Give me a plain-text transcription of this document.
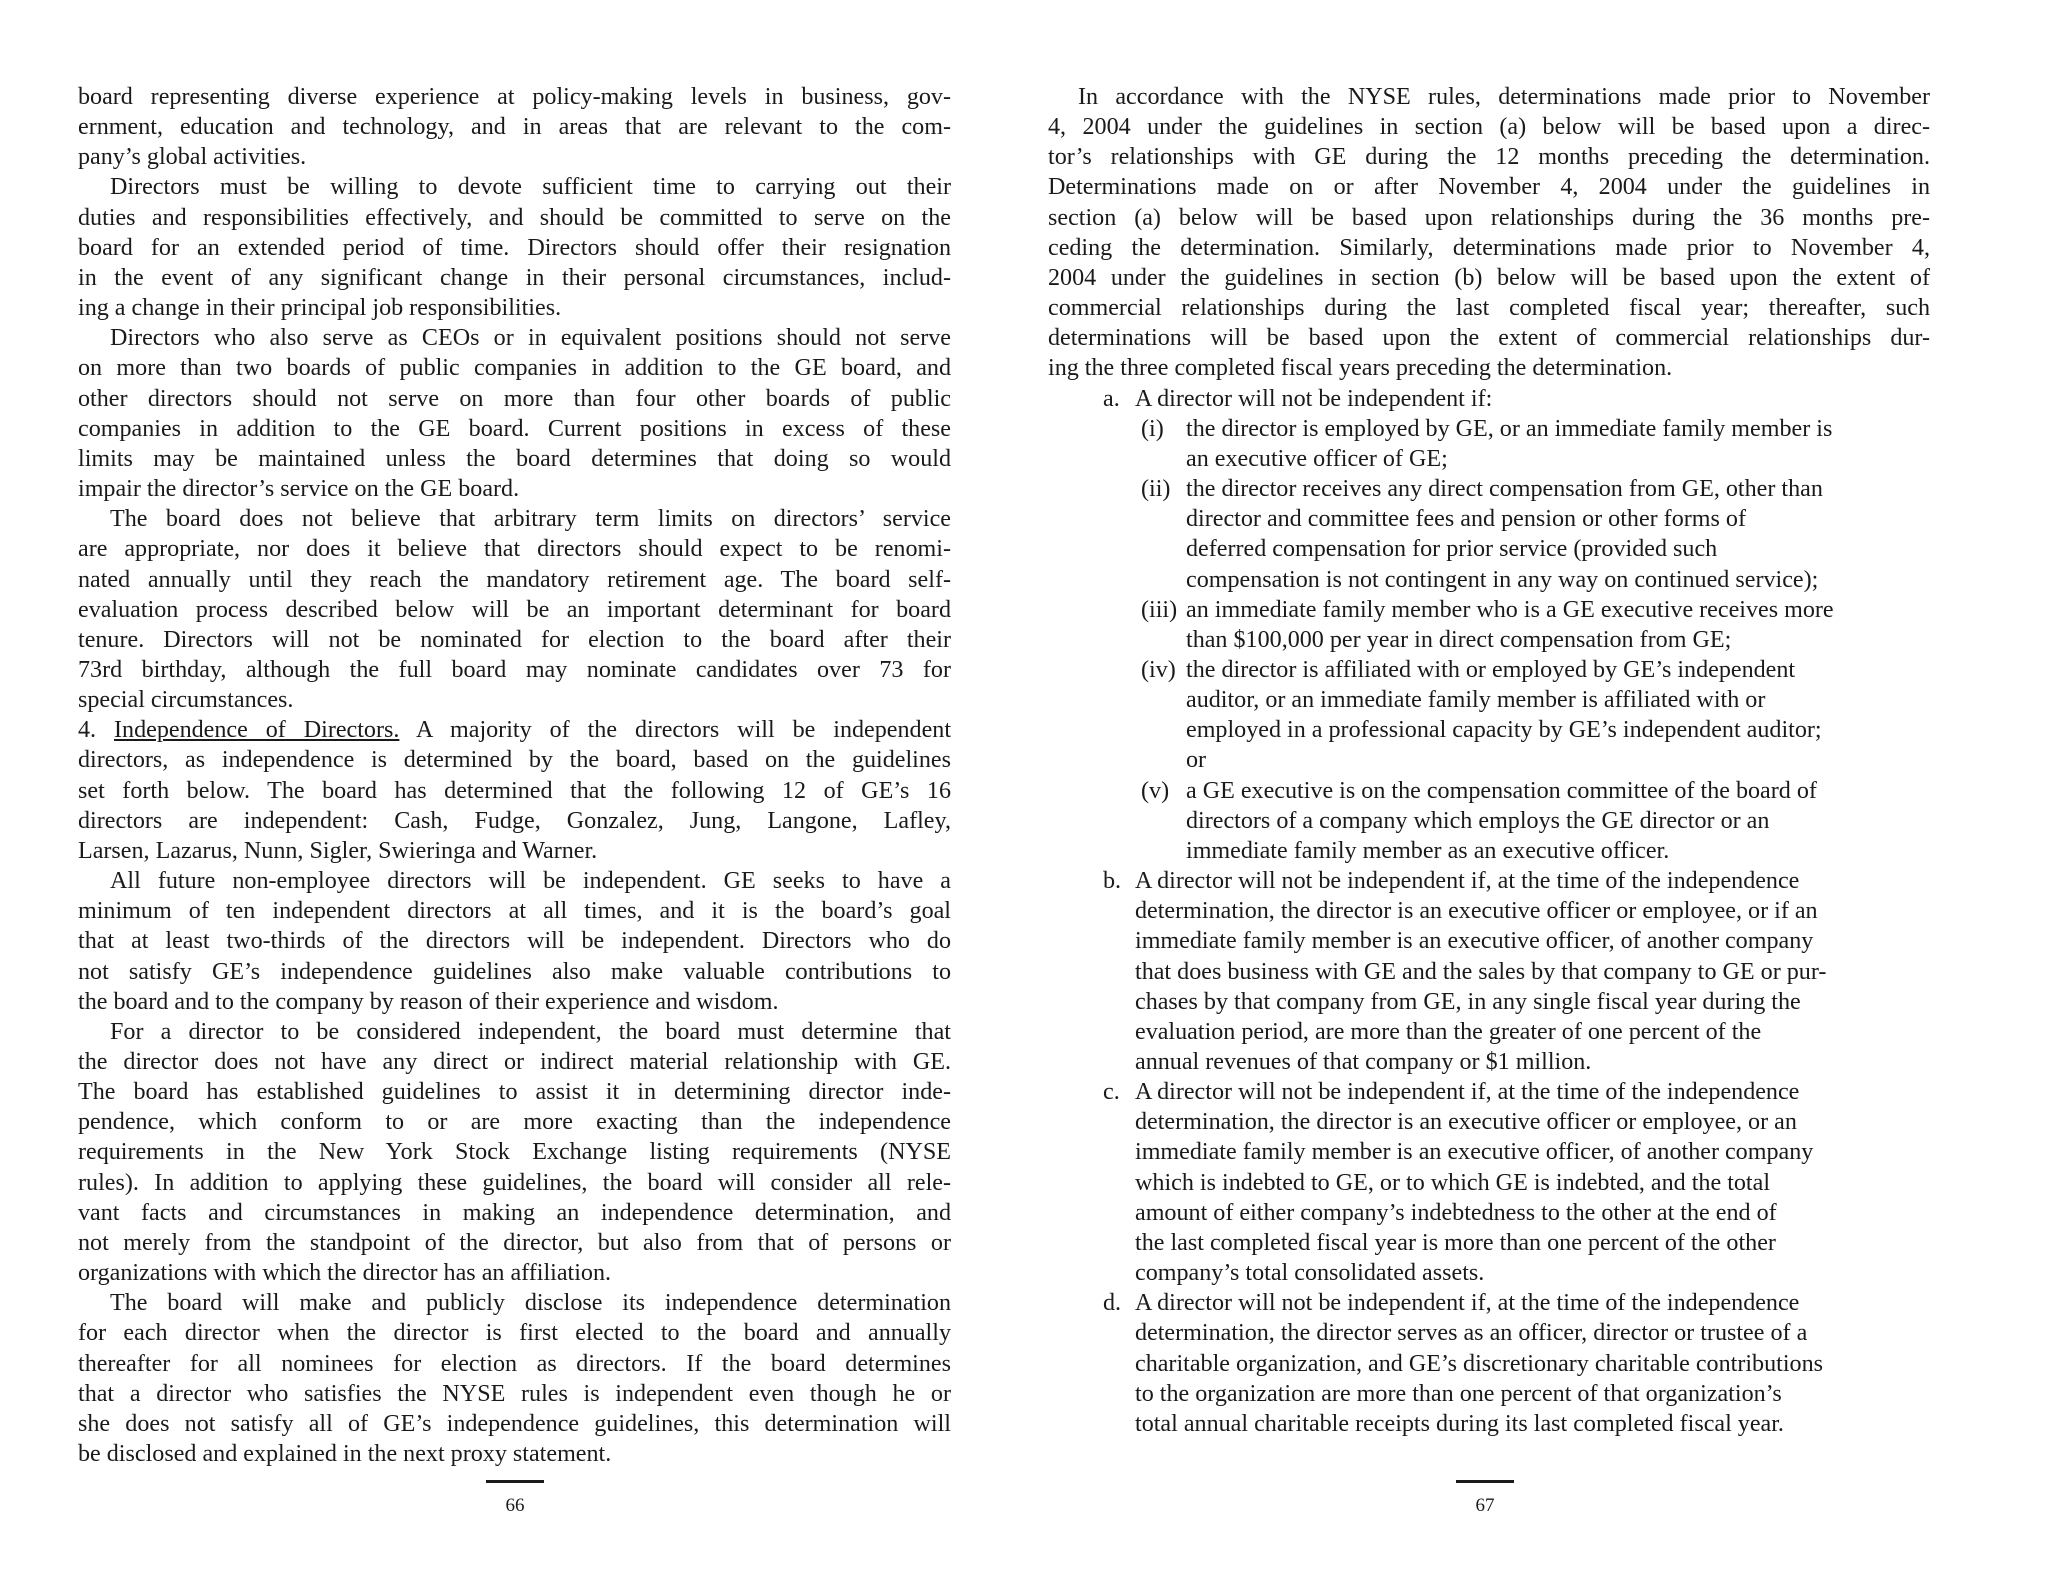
board representing diverse experience at policy-making levels in business, gov-
ernment, education and technology, and in areas that are relevant to the com-
pany’s global activities.

Directors must be willing to devote sufficient time to carrying out their
duties and responsibilities effectively, and should be committed to serve on the
board for an extended period of time. Directors should offer their resignation
in the event of any significant change in their personal circumstances, includ-
ing a change in their principal job responsibilities.

Directors who also serve as CEOs or in equivalent positions should not serve
on more than two boards of public companies in addition to the GE board, and
other directors should not serve on more than four other boards of public
companies in addition to the GE board. Current positions in excess of these
limits may be maintained unless the board determines that doing so would
impair the director’s service on the GE board.

The board does not believe that arbitrary term limits on directors’ service
are appropriate, nor does it believe that directors should expect to be renomi-
nated annually until they reach the mandatory retirement age. The board self-
evaluation process described below will be an important determinant for board
tenure. Directors will not be nominated for election to the board after their
73rd birthday, although the full board may nominate candidates over 73 for
special circumstances.

4. Independence of Directors. A majority of the directors will be independent
directors, as independence is determined by the board, based on the guidelines
set forth below. The board has determined that the following 12 of GE’s 16
directors are independent: Cash, Fudge, Gonzalez, Jung, Langone, Lafley,
Larsen, Lazarus, Nunn, Sigler, Swieringa and Warner.

All future non-employee directors will be independent. GE seeks to have a
minimum of ten independent directors at all times, and it is the board’s goal
that at least two-thirds of the directors will be independent. Directors who do
not satisfy GE’s independence guidelines also make valuable contributions to
the board and to the company by reason of their experience and wisdom.

For a director to be considered independent, the board must determine that
the director does not have any direct or indirect material relationship with GE.
The board has established guidelines to assist it in determining director inde-
pendence, which conform to or are more exacting than the independence
requirements in the New York Stock Exchange listing requirements (NYSE
rules). In addition to applying these guidelines, the board will consider all rele-
vant facts and circumstances in making an independence determination, and
not merely from the standpoint of the director, but also from that of persons or
organizations with which the director has an affiliation.

The board will make and publicly disclose its independence determination
for each director when the director is first elected to the board and annually
thereafter for all nominees for election as directors. If the board determines
that a director who satisfies the NYSE rules is independent even though he or
she does not satisfy all of GE’s independence guidelines, this determination will
be disclosed and explained in the next proxy statement.

66

In accordance with the NYSE rules, determinations made prior to November
4, 2004 under the guidelines in section (a) below will be based upon a direc-
tor’s relationships with GE during the 12 months preceding the determination.
Determinations made on or after November 4, 2004 under the guidelines in
section (a) below will be based upon relationships during the 36 months pre-
ceding the determination. Similarly, determinations made prior to November 4,
2004 under the guidelines in section (b) below will be based upon the extent of
commercial relationships during the last completed fiscal year; thereafter, such
determinations will be based upon the extent of commercial relationships dur-
ing the three completed fiscal years preceding the determination.

a. A director will not be independent if:
(i) the director is employed by GE, or an immediate family member is
an executive officer of GE;
(ii) the director receives any direct compensation from GE, other than
director and committee fees and pension or other forms of
deferred compensation for prior service (provided such
compensation is not contingent in any way on continued service);
(iii) an immediate family member who is a GE executive receives more
than $100,000 per year in direct compensation from GE;
(iv) the director is affiliated with or employed by GE’s independent
auditor, or an immediate family member is affiliated with or
employed in a professional capacity by GE’s independent auditor;
or
(v) a GE executive is on the compensation committee of the board of
directors of a company which employs the GE director or an
immediate family member as an executive officer.
b. A director will not be independent if, at the time of the independence
determination, the director is an executive officer or employee, or if an
immediate family member is an executive officer, of another company
that does business with GE and the sales by that company to GE or pur-
chases by that company from GE, in any single fiscal year during the
evaluation period, are more than the greater of one percent of the
annual revenues of that company or $1 million.
c. A director will not be independent if, at the time of the independence
determination, the director is an executive officer or employee, or an
immediate family member is an executive officer, of another company
which is indebted to GE, or to which GE is indebted, and the total
amount of either company’s indebtedness to the other at the end of
the last completed fiscal year is more than one percent of the other
company’s total consolidated assets.
d. A director will not be independent if, at the time of the independence
determination, the director serves as an officer, director or trustee of a
charitable organization, and GE’s discretionary charitable contributions
to the organization are more than one percent of that organization’s
total annual charitable receipts during its last completed fiscal year.
67
